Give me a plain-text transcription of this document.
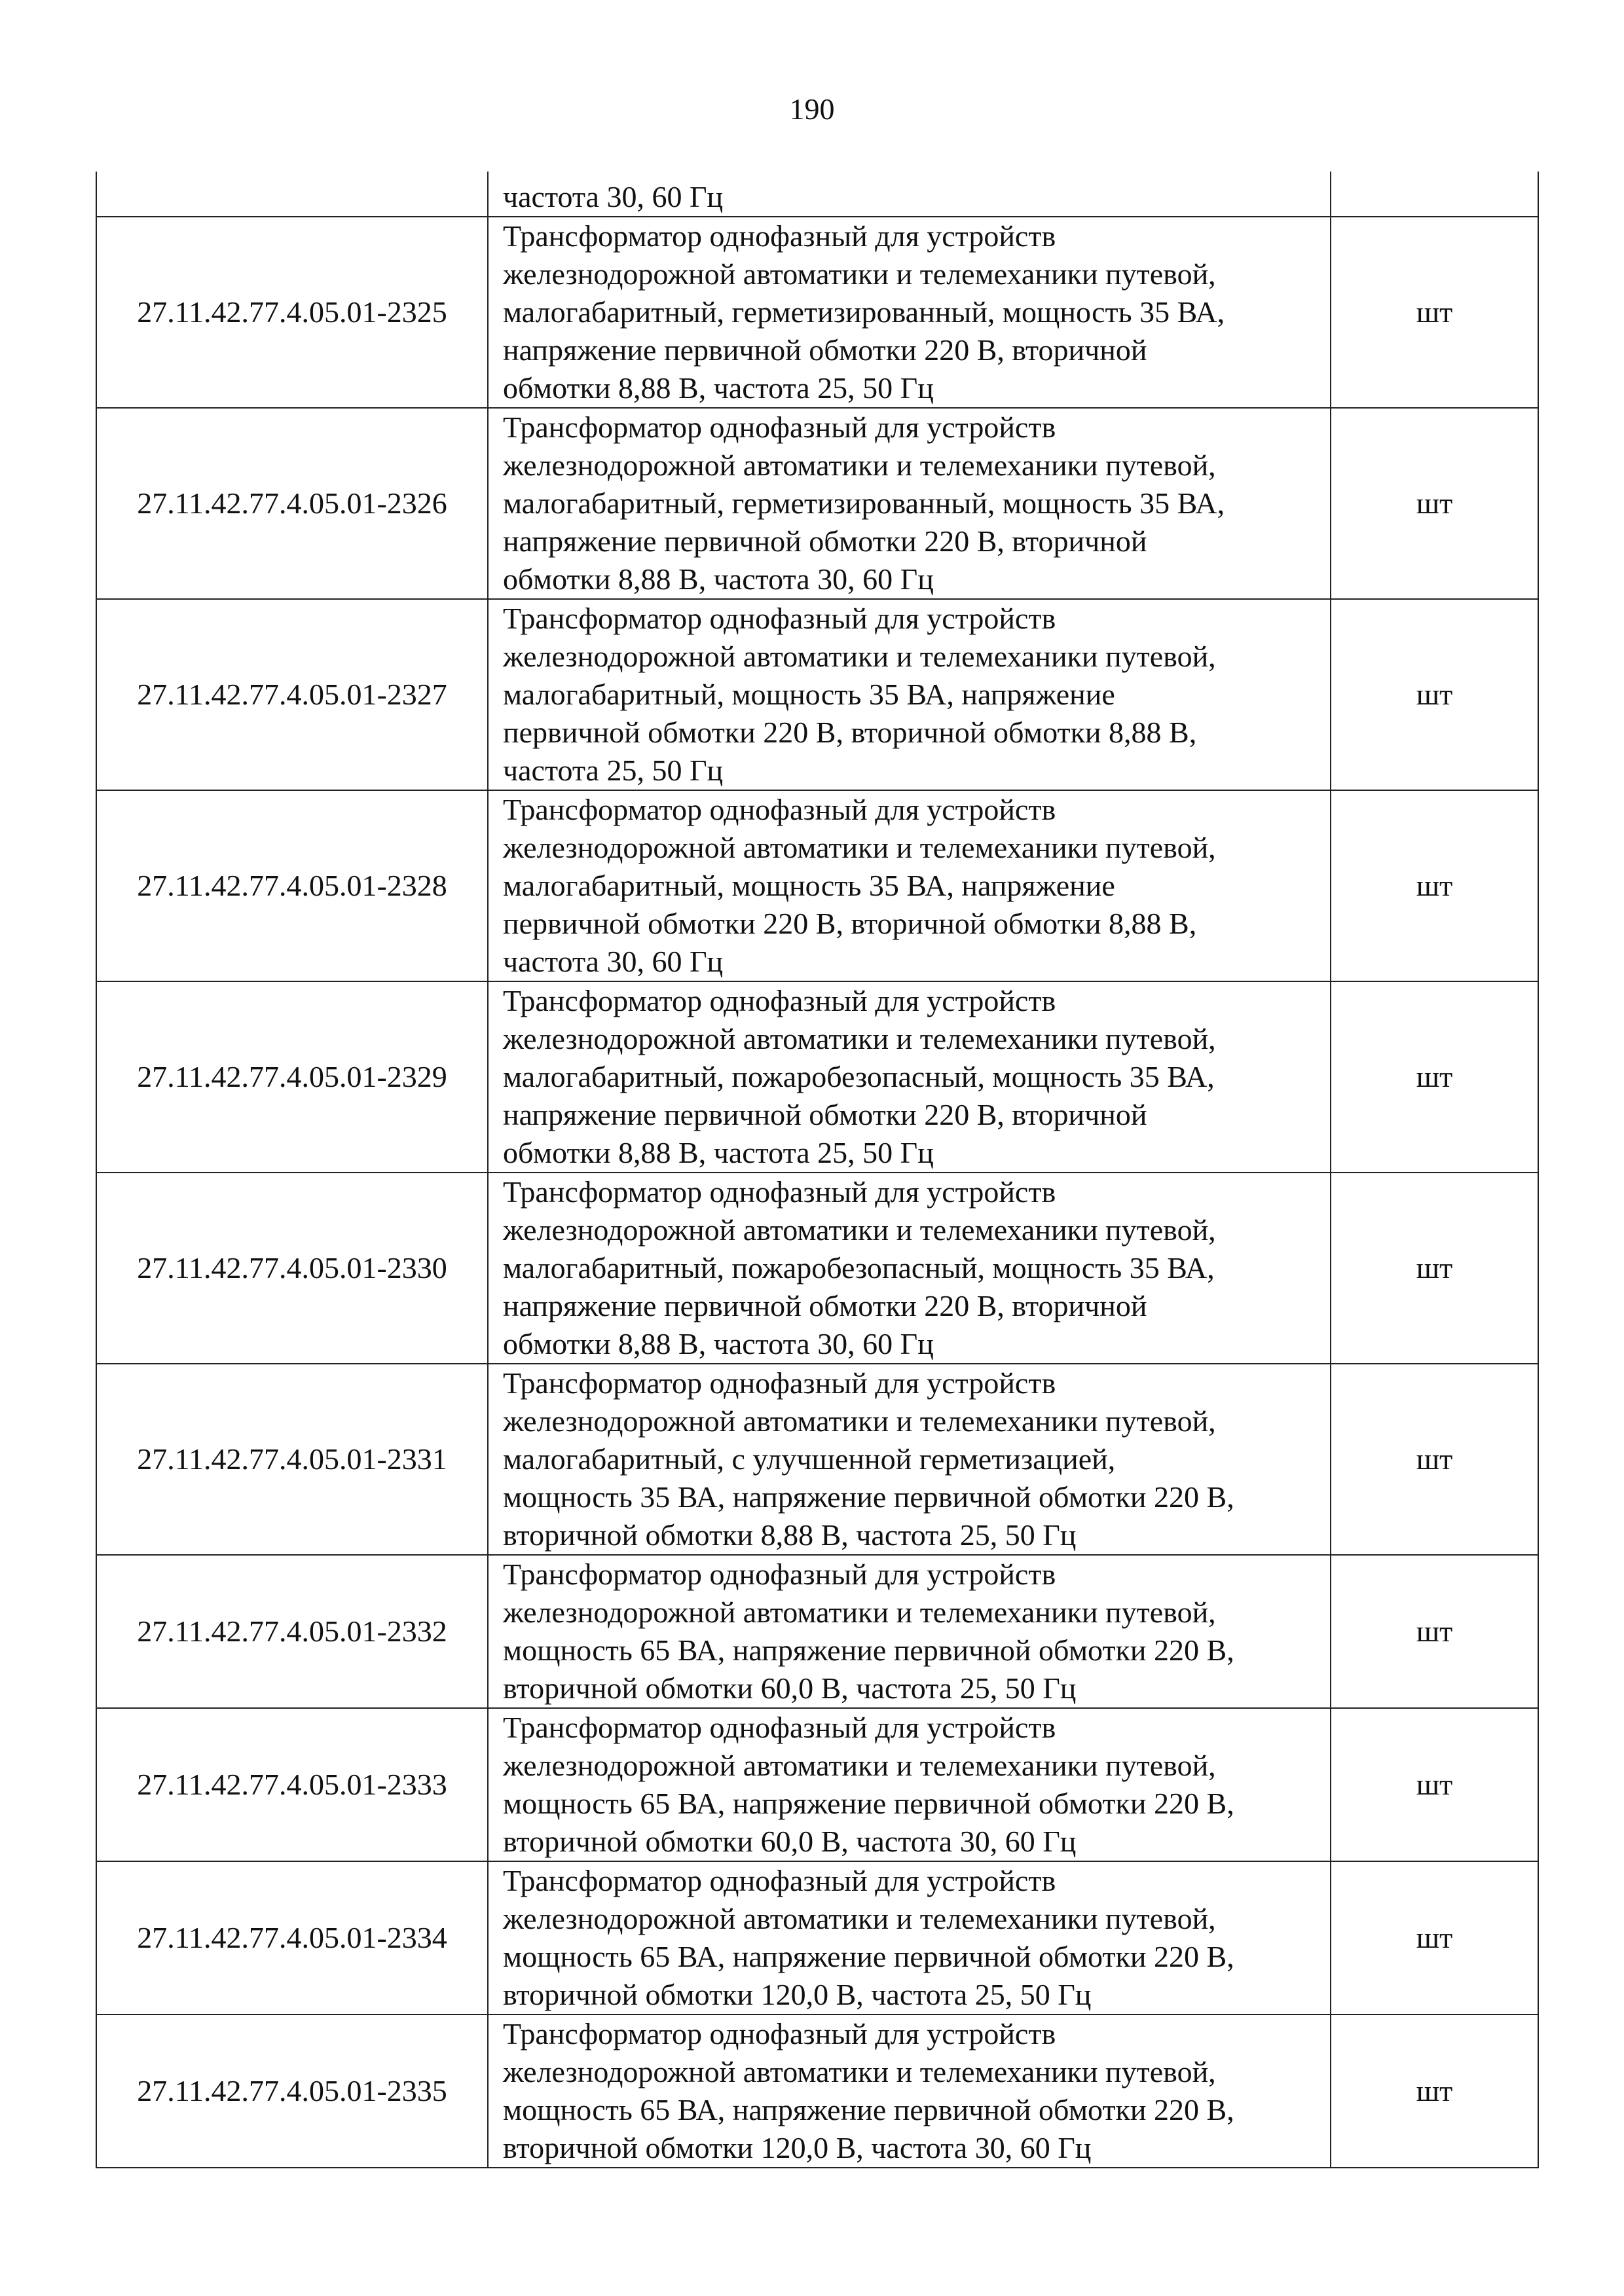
190
	частота 30, 60 Гц	
27.11.42.77.4.05.01-2325	Трансформатор однофазный для устройств
железнодорожной автоматики и телемеханики путевой,
малогабаритный, герметизированный, мощность 35 ВА,
напряжение первичной обмотки 220 В, вторичной
обмотки 8,88 В, частота 25, 50 Гц	шт
27.11.42.77.4.05.01-2326	Трансформатор однофазный для устройств
железнодорожной автоматики и телемеханики путевой,
малогабаритный, герметизированный, мощность 35 ВА,
напряжение первичной обмотки 220 В, вторичной
обмотки 8,88 В, частота 30, 60 Гц	шт
27.11.42.77.4.05.01-2327	Трансформатор однофазный для устройств
железнодорожной автоматики и телемеханики путевой,
малогабаритный, мощность 35 ВА, напряжение
первичной обмотки 220 В, вторичной обмотки 8,88 В,
частота 25, 50 Гц	шт
27.11.42.77.4.05.01-2328	Трансформатор однофазный для устройств
железнодорожной автоматики и телемеханики путевой,
малогабаритный, мощность 35 ВА, напряжение
первичной обмотки 220 В, вторичной обмотки 8,88 В,
частота 30, 60 Гц	шт
27.11.42.77.4.05.01-2329	Трансформатор однофазный для устройств
железнодорожной автоматики и телемеханики путевой,
малогабаритный, пожаробезопасный, мощность 35 ВА,
напряжение первичной обмотки 220 В, вторичной
обмотки 8,88 В, частота 25, 50 Гц	шт
27.11.42.77.4.05.01-2330	Трансформатор однофазный для устройств
железнодорожной автоматики и телемеханики путевой,
малогабаритный, пожаробезопасный, мощность 35 ВА,
напряжение первичной обмотки 220 В, вторичной
обмотки 8,88 В, частота 30, 60 Гц	шт
27.11.42.77.4.05.01-2331	Трансформатор однофазный для устройств
железнодорожной автоматики и телемеханики путевой,
малогабаритный, с улучшенной герметизацией,
мощность 35 ВА, напряжение первичной обмотки 220 В,
вторичной обмотки 8,88 В, частота 25, 50 Гц	шт
27.11.42.77.4.05.01-2332	Трансформатор однофазный для устройств
железнодорожной автоматики и телемеханики путевой,
мощность 65 ВА, напряжение первичной обмотки 220 В,
вторичной обмотки 60,0 В, частота 25, 50 Гц	шт
27.11.42.77.4.05.01-2333	Трансформатор однофазный для устройств
железнодорожной автоматики и телемеханики путевой,
мощность 65 ВА, напряжение первичной обмотки 220 В,
вторичной обмотки 60,0 В, частота 30, 60 Гц	шт
27.11.42.77.4.05.01-2334	Трансформатор однофазный для устройств
железнодорожной автоматики и телемеханики путевой,
мощность 65 ВА, напряжение первичной обмотки 220 В,
вторичной обмотки 120,0 В, частота 25, 50 Гц	шт
27.11.42.77.4.05.01-2335	Трансформатор однофазный для устройств
железнодорожной автоматики и телемеханики путевой,
мощность 65 ВА, напряжение первичной обмотки 220 В,
вторичной обмотки 120,0 В, частота 30, 60 Гц	шт
